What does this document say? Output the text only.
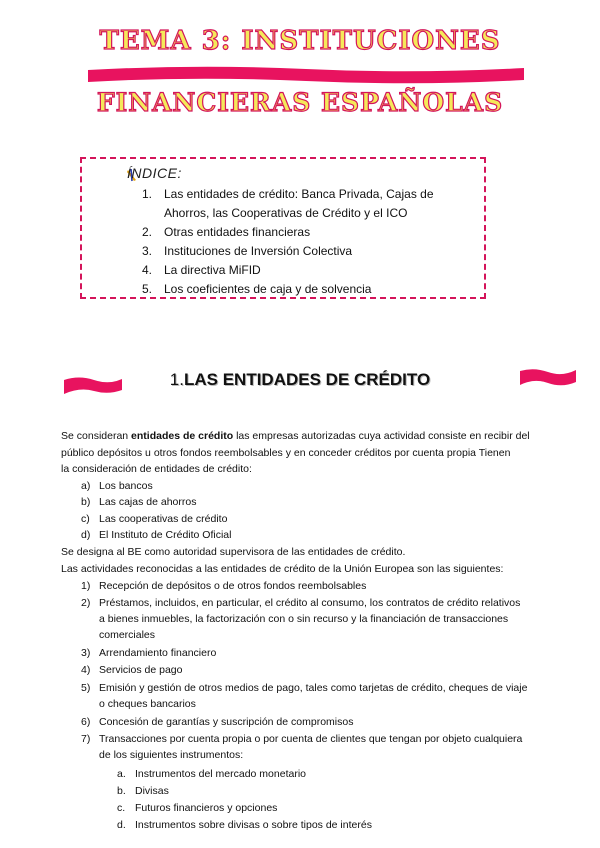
TEMA 3: INSTITUCIONES
FINANCIERAS ESPAÑOLAS
ÍNDICE:
1. Las entidades de crédito: Banca Privada, Cajas de
Ahorros, las Cooperativas de Crédito y el ICO
2. Otras entidades financieras
3. Instituciones de Inversión Colectiva
4. La directiva MiFID
5. Los coeficientes de caja y de solvencia
1.LAS ENTIDADES DE CRÉDITO
Se consideran entidades de crédito las empresas autorizadas cuya actividad consiste en recibir del
público depósitos u otros fondos reembolsables y en conceder créditos por cuenta propia Tienen
la consideración de entidades de crédito:
a) Los bancos
b) Las cajas de ahorros
c) Las cooperativas de crédito
d) El Instituto de Crédito Oficial
Se designa al BE como autoridad supervisora de las entidades de crédito.
Las actividades reconocidas a las entidades de crédito de la Unión Europea son las siguientes:
1) Recepción de depósitos o de otros fondos reembolsables
2) Préstamos, incluidos, en particular, el crédito al consumo, los contratos de crédito relativos
a bienes inmuebles, la factorización con o sin recurso y la financiación de transacciones
comerciales
3) Arrendamiento financiero
4) Servicios de pago
5) Emisión y gestión de otros medios de pago, tales como tarjetas de crédito, cheques de viaje
o cheques bancarios
6) Concesión de garantías y suscripción de compromisos
7) Transacciones por cuenta propia o por cuenta de clientes que tengan por objeto cualquiera
de los siguientes instrumentos:
a. Instrumentos del mercado monetario
b. Divisas
c. Futuros financieros y opciones
d. Instrumentos sobre divisas o sobre tipos de interés
